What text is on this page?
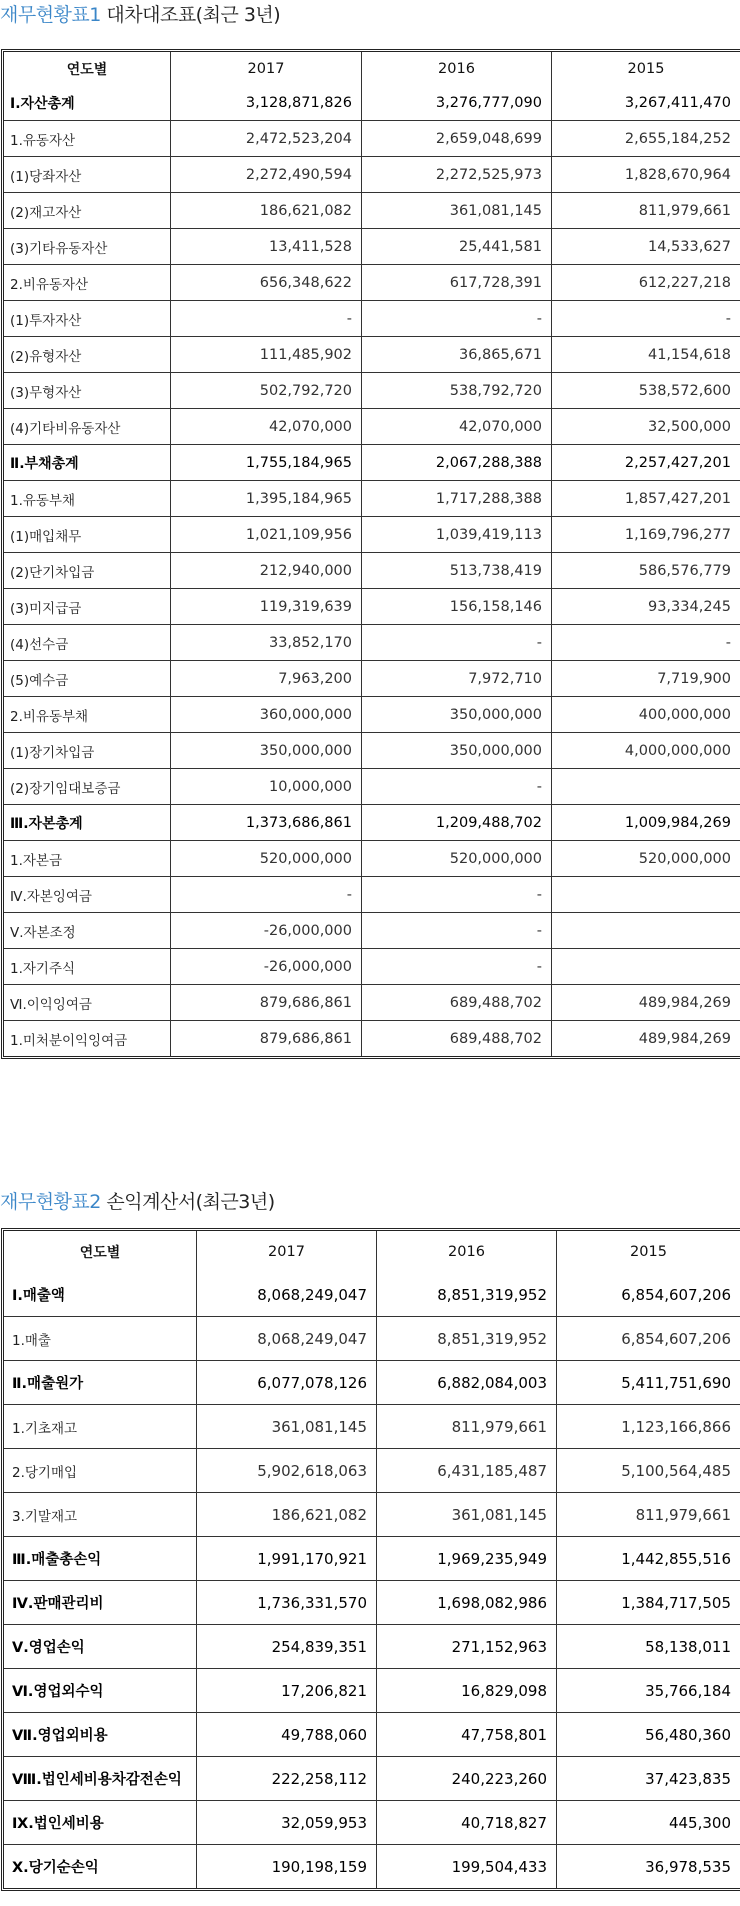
재무현황표1 대차대조표(최근 3년)
연도별	2017	2016	2015
Ⅰ.자산총계	3,128,871,826	3,276,777,090	3,267,411,470
1.유동자산	2,472,523,204	2,659,048,699	2,655,184,252
(1)당좌자산	2,272,490,594	2,272,525,973	1,828,670,964
(2)재고자산	186,621,082	361,081,145	811,979,661
(3)기타유동자산	13,411,528	25,441,581	14,533,627
2.비유동자산	656,348,622	617,728,391	612,227,218
(1)투자자산	-	-	-
(2)유형자산	111,485,902	36,865,671	41,154,618
(3)무형자산	502,792,720	538,792,720	538,572,600
(4)기타비유동자산	42,070,000	42,070,000	32,500,000
Ⅱ.부채총계	1,755,184,965	2,067,288,388	2,257,427,201
1.유동부채	1,395,184,965	1,717,288,388	1,857,427,201
(1)매입채무	1,021,109,956	1,039,419,113	1,169,796,277
(2)단기차입금	212,940,000	513,738,419	586,576,779
(3)미지급금	119,319,639	156,158,146	93,334,245
(4)선수금	33,852,170	-	-
(5)예수금	7,963,200	7,972,710	7,719,900
2.비유동부채	360,000,000	350,000,000	400,000,000
(1)장기차입금	350,000,000	350,000,000	4,000,000,000
(2)장기임대보증금	10,000,000	-	
Ⅲ.자본총계	1,373,686,861	1,209,488,702	1,009,984,269
1.자본금	520,000,000	520,000,000	520,000,000
Ⅳ.자본잉여금	-	-	
Ⅴ.자본조정	-26,000,000	-	
1.자기주식	-26,000,000	-	
Ⅵ.이익잉여금	879,686,861	689,488,702	489,984,269
1.미처분이익잉여금	879,686,861	689,488,702	489,984,269
재무현황표2 손익계산서(최근3년)
연도별	2017	2016	2015
Ⅰ.매출액	8,068,249,047	8,851,319,952	6,854,607,206
1.매출	8,068,249,047	8,851,319,952	6,854,607,206
Ⅱ.매출원가	6,077,078,126	6,882,084,003	5,411,751,690
1.기초재고	361,081,145	811,979,661	1,123,166,866
2.당기매입	5,902,618,063	6,431,185,487	5,100,564,485
3.기말재고	186,621,082	361,081,145	811,979,661
Ⅲ.매출총손익	1,991,170,921	1,969,235,949	1,442,855,516
Ⅳ.판매관리비	1,736,331,570	1,698,082,986	1,384,717,505
Ⅴ.영업손익	254,839,351	271,152,963	58,138,011
Ⅵ.영업외수익	17,206,821	16,829,098	35,766,184
Ⅶ.영업외비용	49,788,060	47,758,801	56,480,360
Ⅷ.법인세비용차감전손익	222,258,112	240,223,260	37,423,835
Ⅸ.법인세비용	32,059,953	40,718,827	445,300
Ⅹ.당기순손익	190,198,159	199,504,433	36,978,535
